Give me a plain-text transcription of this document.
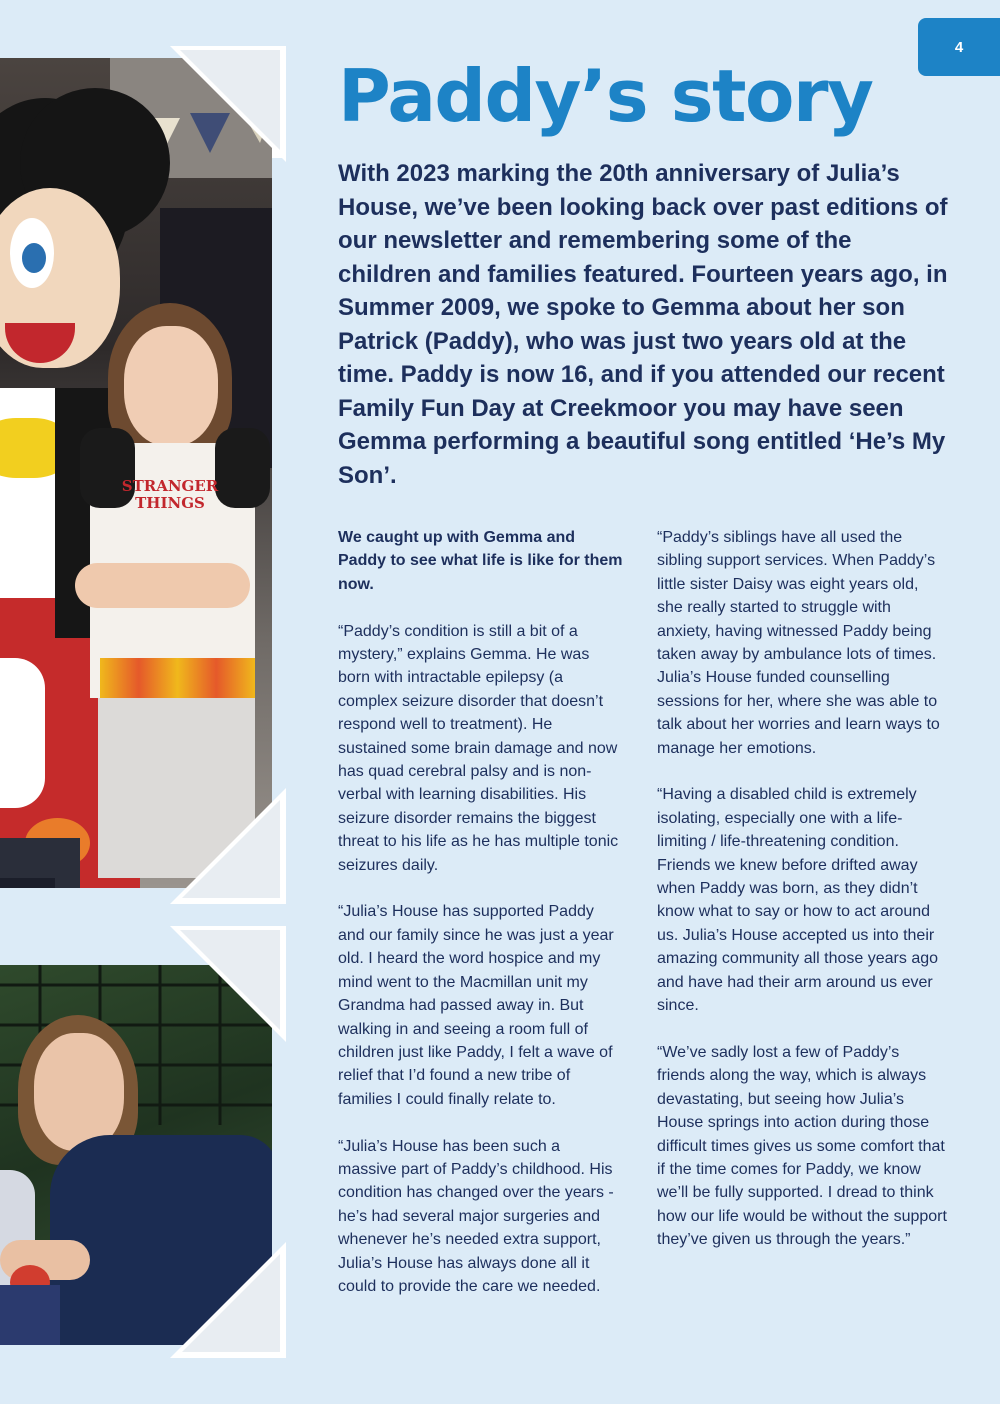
4
Paddy’s story

With 2023 marking the 20th anniversary of Julia’s House, we’ve been looking back over past editions of our newsletter and remembering some of the children and families featured. Fourteen years ago, in Summer 2009, we spoke to Gemma about her son Patrick (Paddy), who was just two years old at the time. Paddy is now 16, and if you attended our recent Family Fun Day at Creekmoor you may have seen Gemma performing a beautiful song entitled ‘He’s My Son’.

STRANGER THINGS

We caught up with Gemma and Paddy to see what life is like for them now.

“Paddy’s condition is still a bit of a mystery,” explains Gemma. He was born with intractable epilepsy (a complex seizure disorder that doesn’t respond well to treatment). He sustained some brain damage and now has quad cerebral palsy and is non-verbal with learning disabilities. His seizure disorder remains the biggest threat to his life as he has multiple tonic seizures daily.

“Julia’s House has supported Paddy and our family since he was just a year old. I heard the word hospice and my mind went to the Macmillan unit my Grandma had passed away in. But walking in and seeing a room full of children just like Paddy, I felt a wave of relief that I’d found a new tribe of families I could finally relate to.

“Julia’s House has been such a massive part of Paddy’s childhood. His condition has changed over the years - he’s had several major surgeries and whenever he’s needed extra support, Julia’s House has always done all it could to provide the care we needed.

“Paddy’s siblings have all used the sibling support services. When Paddy’s little sister Daisy was eight years old, she really started to struggle with anxiety, having witnessed Paddy being taken away by ambulance lots of times. Julia’s House funded counselling sessions for her, where she was able to talk about her worries and learn ways to manage her emotions.

“Having a disabled child is extremely isolating, especially one with a life-limiting / life-threatening condition. Friends we knew before drifted away when Paddy was born, as they didn’t know what to say or how to act around us. Julia’s House accepted us into their amazing community all those years ago and have had their arm around us ever since.

“We’ve sadly lost a few of Paddy’s friends along the way, which is always devastating, but seeing how Julia’s House springs into action during those difficult times gives us some comfort that if the time comes for Paddy, we know we’ll be fully supported. I dread to think how our life would be without the support they’ve given us through the years.”
